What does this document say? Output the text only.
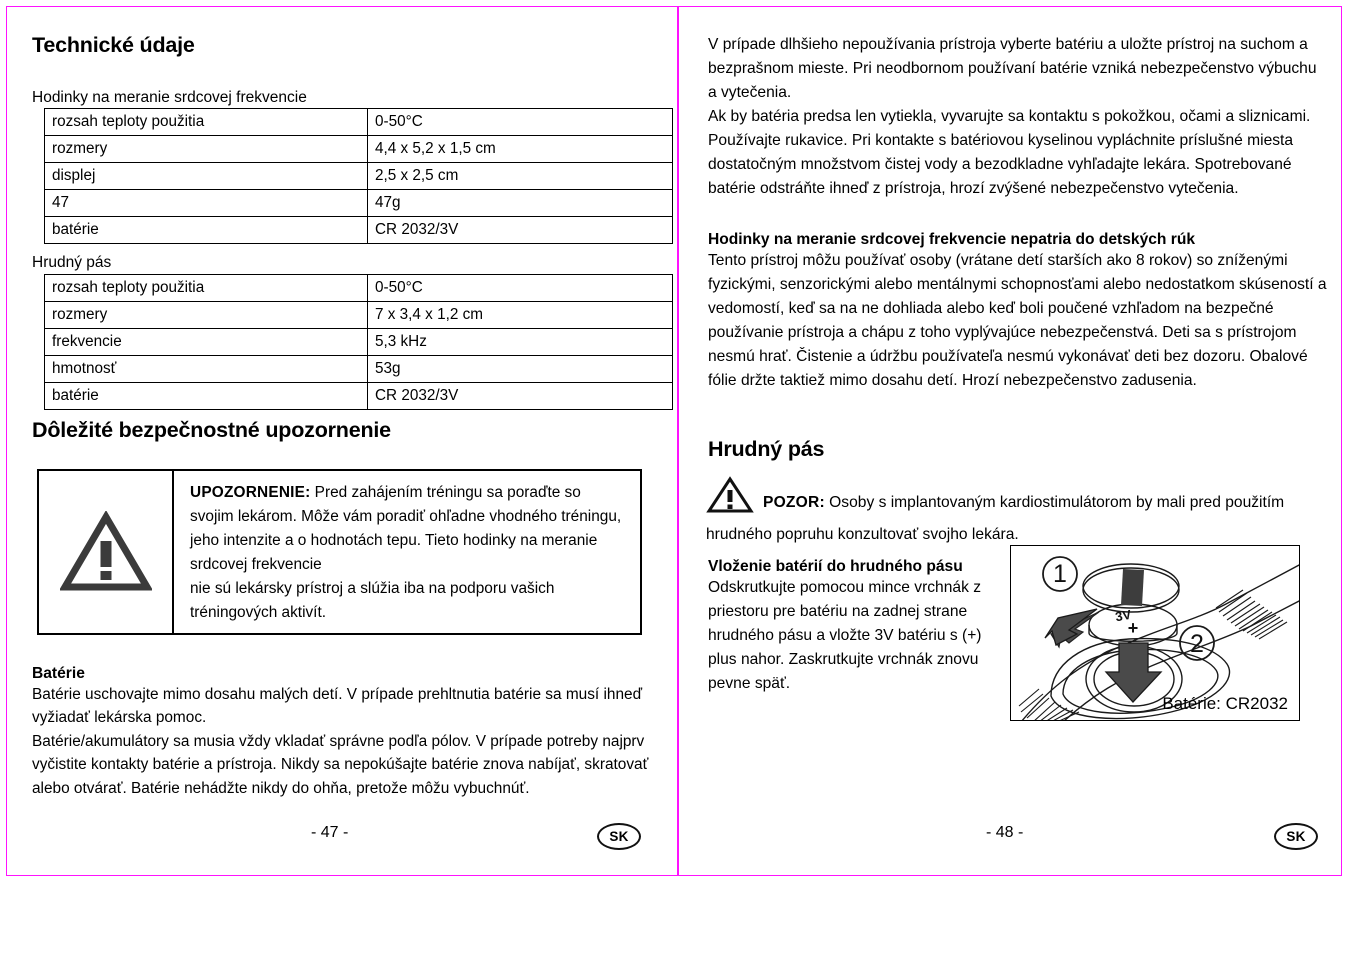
Technické údaje
Hodinky na meranie srdcovej frekvencie
rozsah teploty použitia	0-50°C
rozmery	4,4 x 5,2 x 1,5 cm
displej	2,5 x 2,5 cm
47	47g
batérie	CR 2032/3V
Hrudný pás
rozsah teploty použitia	0-50°C
rozmery	7 x 3,4 x 1,2 cm
frekvencie	5,3 kHz
hmotnosť	53g
batérie	CR 2032/3V
Dôležité bezpečnostné upozornenie
UPOZORNENIE: Pred zahájením tréningu sa poraďte so svojim lekárom. Môže vám poradiť ohľadne vhodného tréningu, jeho intenzite a o hodnotách tepu. Tieto hodinky na meranie srdcovej frekvencie
nie sú lekársky prístroj a slúžia iba na podporu vašich tréningových aktivít.
Batérie
Batérie uschovajte mimo dosahu malých detí. V prípade prehltnutia batérie sa musí ihneď vyžiadať lekárska pomoc.
Batérie/akumulátory sa musia vždy vkladať správne podľa pólov. V prípade potreby najprv vyčistite kontakty batérie a prístroja. Nikdy sa nepokúšajte batérie znova nabíjať, skratovať alebo otvárať. Batérie nehádžte nikdy do ohňa, pretože môžu vybuchnúť.
- 47 -	SK
V prípade dlhšieho nepoužívania prístroja vyberte batériu a uložte prístroj na suchom a bezprašnom mieste. Pri neodbornom používaní batérie vzniká nebezpečenstvo výbuchu a vytečenia.
Ak by batéria predsa len vytiekla, vyvarujte sa kontaktu s pokožkou, očami a sliznicami. Používajte rukavice. Pri kontakte s batériovou kyselinou vypláchnite príslušné miesta dostatočným množstvom čistej vody a bezodkladne vyhľadajte lekára. Spotrebované batérie odstráňte ihneď z prístroja, hrozí zvýšené nebezpečenstvo vytečenia.
Hodinky na meranie srdcovej frekvencie nepatria do detských rúk
Tento prístroj môžu používať osoby (vrátane detí starších ako 8 rokov) so zníženými fyzickými, senzorickými alebo mentálnymi schopnosťami alebo nedostatkom skúseností a vedomostí, keď sa na ne dohliada alebo keď boli poučené vzhľadom na bezpečné používanie prístroja a chápu z toho vyplývajúce nebezpečenstvá. Deti sa s prístrojom nesmú hrať. Čistenie a údržbu používateľa nesmú vykonávať deti bez dozoru. Obalové fólie držte taktiež mimo dosahu detí. Hrozí nebezpečenstvo zadusenia.
Hrudný pás
POZOR: Osoby s implantovaným kardiostimulátorom by mali pred použitím hrudného popruhu konzultovať svojho lekára.
Vloženie batérií do hrudného pásu
Odskrutkujte pomocou mince vrchnák z priestoru pre batériu na zadnej strane hrudného pásu a vložte 3V batériu s (+) plus nahor. Zaskrutkujte vrchnák znovu pevne späť.
1
2
3V
+
Batérie: CR2032
- 48 -	SK
